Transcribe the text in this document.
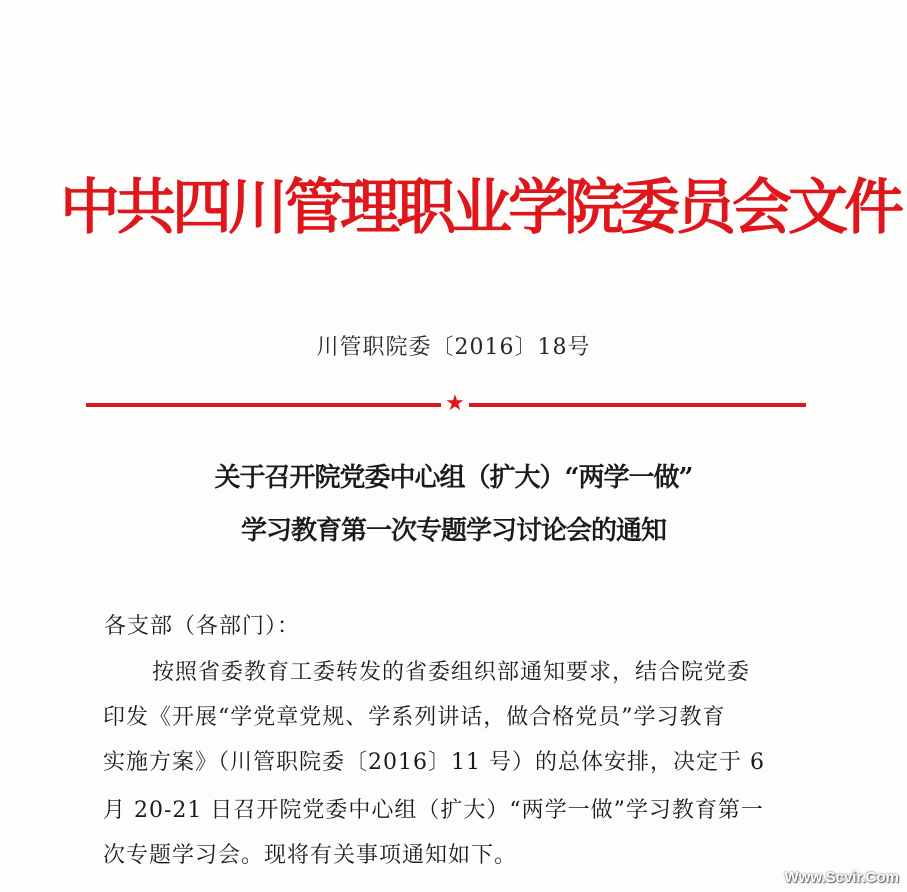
中共四川管理职业学院委员会文件
川管职院委〔2016〕18号
★
关于召开院党委中心组（扩大）“两学一做”
学习教育第一次专题学习讨论会的通知
各支部（各部门）：
按照省委教育工委转发的省委组织部通知要求，结合院党委
印发《开展“学党章党规、学系列讲话，做合格党员”学习教育
实施方案》（川管职院委〔2016〕11 号）的总体安排，决定于 6
月 20-21 日召开院党委中心组（扩大）“两学一做”学习教育第一
次专题学习会。现将有关事项通知如下。
Www.Scvir.Com
